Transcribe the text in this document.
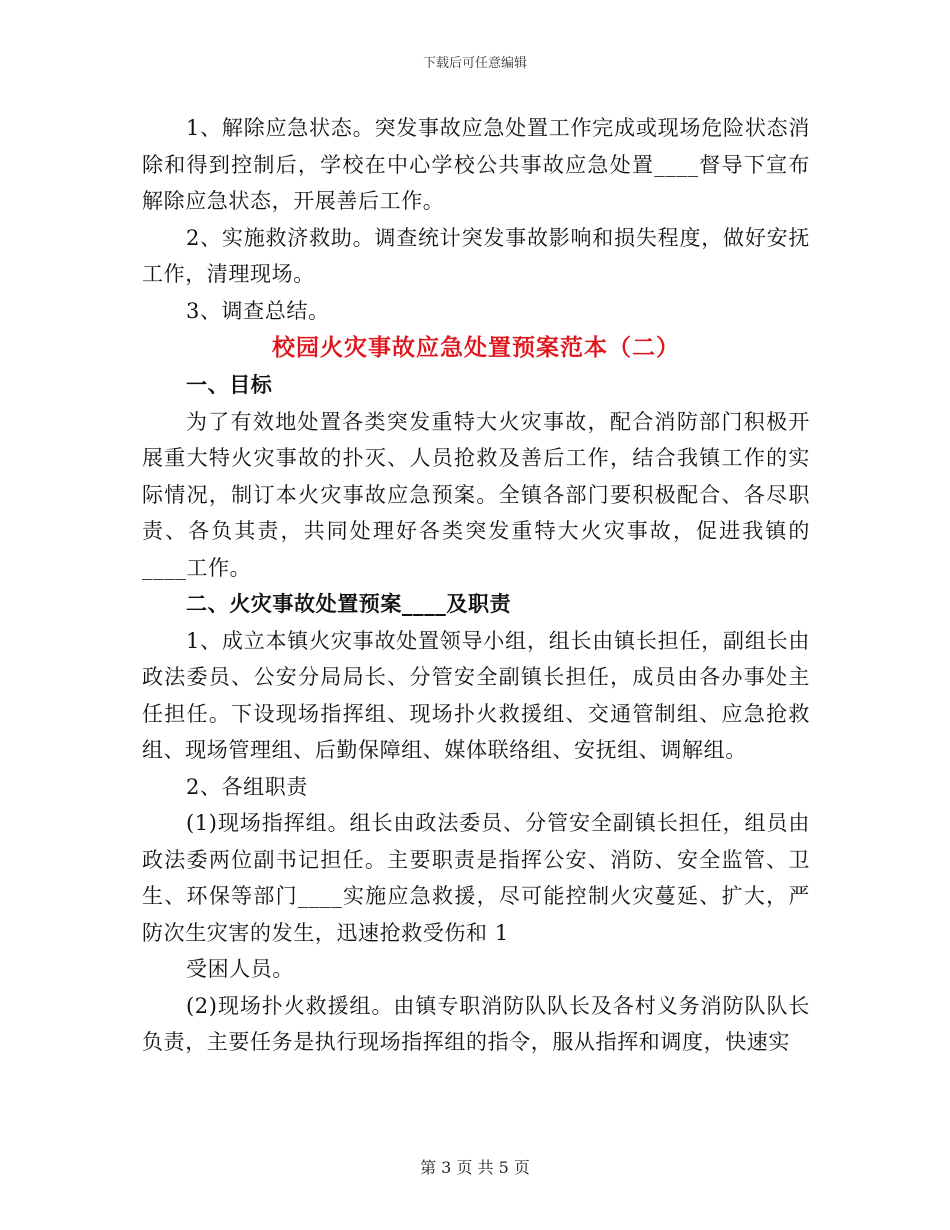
下载后可任意编辑

1、解除应急状态。突发事故应急处置工作完成或现场危险状态消除和得到控制后，学校在中心学校公共事故应急处置____督导下宣布解除应急状态，开展善后工作。

2、实施救济救助。调查统计突发事故影响和损失程度，做好安抚工作，清理现场。

3、调查总结。

校园火灾事故应急处置预案范本（二）

一、目标

为了有效地处置各类突发重特大火灾事故，配合消防部门积极开展重大特火灾事故的扑灭、人员抢救及善后工作，结合我镇工作的实际情况，制订本火灾事故应急预案。全镇各部门要积极配合、各尽职责、各负其责，共同处理好各类突发重特大火灾事故，促进我镇的____工作。

二、火灾事故处置预案____及职责

1、成立本镇火灾事故处置领导小组，组长由镇长担任，副组长由政法委员、公安分局局长、分管安全副镇长担任，成员由各办事处主任担任。下设现场指挥组、现场扑火救援组、交通管制组、应急抢救组、现场管理组、后勤保障组、媒体联络组、安抚组、调解组。

2、各组职责

(1)现场指挥组。组长由政法委员、分管安全副镇长担任，组员由政法委两位副书记担任。主要职责是指挥公安、消防、安全监管、卫生、环保等部门____实施应急救援，尽可能控制火灾蔓延、扩大，严防次生灾害的发生，迅速抢救受伤和 1

受困人员。

(2)现场扑火救援组。由镇专职消防队队长及各村义务消防队队长负责，主要任务是执行现场指挥组的指令，服从指挥和调度，快速实

第 3 页 共 5 页
